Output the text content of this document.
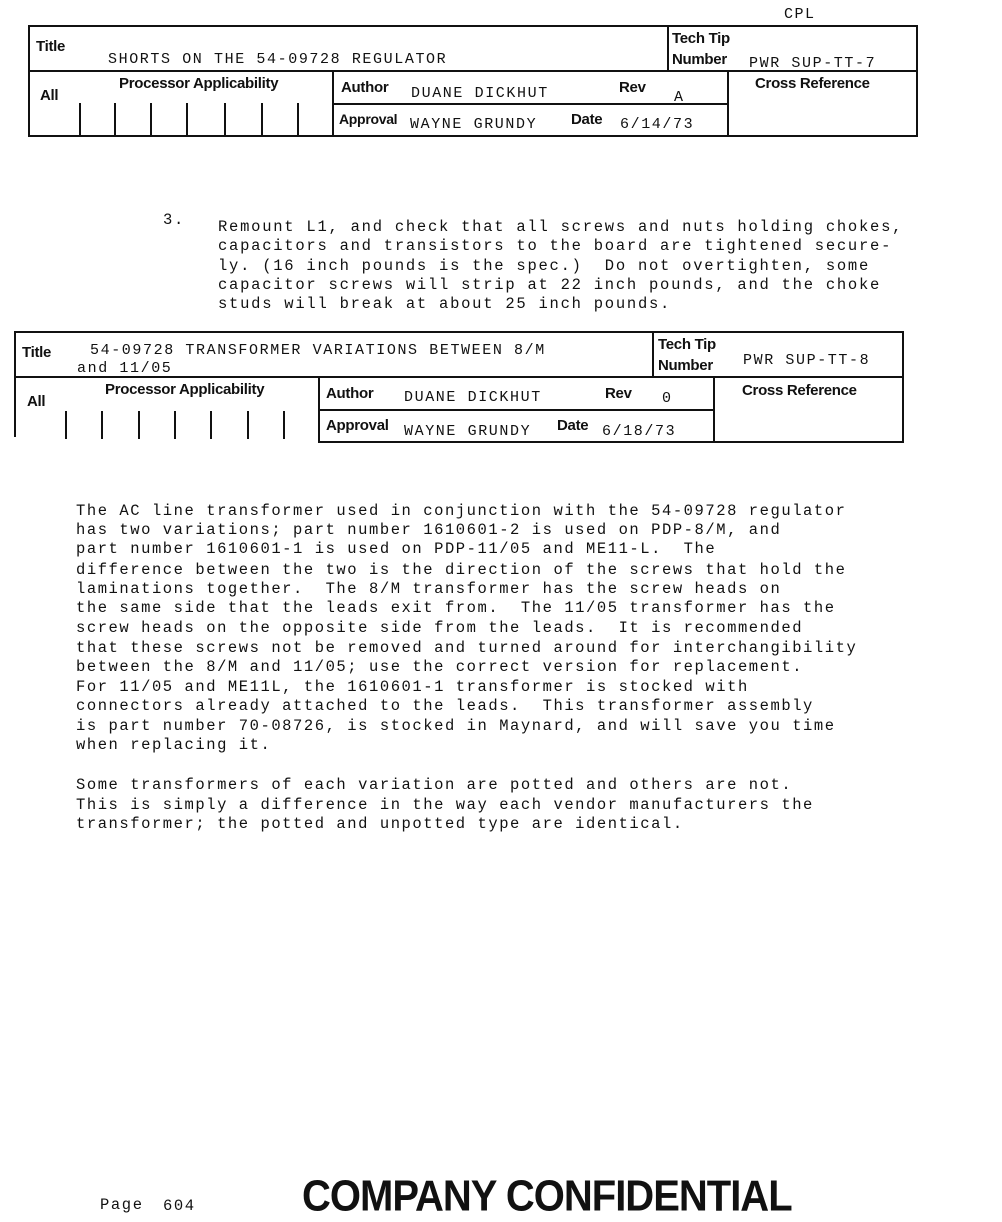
CPL
Title
SHORTS ON THE 54-09728 REGULATOR
Tech Tip
Number PWR SUP-TT-7
All
Processor Applicability	Author DUANE DICKHUT	Rev
A
Approval WAYNE GRUNDY Date 6/14/73
Cross Reference
3. Remount L1, and check that all screws and nuts holding chokes,
capacitors and transistors to the board are tightened secure-
ly. (16 inch pounds is the spec.)  Do not overtighten, some
capacitor screws will strip at 22 inch pounds, and the choke
studs will break at about 25 inch pounds.
Title	54-09728 TRANSFORMER VARIATIONS BETWEEN 8/M
and 11/05
Tech Tip
Number PWR SUP-TT-8
All
Processor Applicability	Author DUANE DICKHUT	Rev 0
Approval WAYNE GRUNDY Date 6/18/73
Cross Reference
The AC line transformer used in conjunction with the 54-09728 regulator
has two variations; part number 1610601-2 is used on PDP-8/M, and
part number 1610601-1 is used on PDP-11/05 and ME11-L.  The
difference between the two is the direction of the screws that hold the
laminations together.  The 8/M transformer has the screw heads on
the same side that the leads exit from.  The 11/05 transformer has the
screw heads on the opposite side from the leads.  It is recommended
that these screws not be removed and turned around for interchangibility
between the 8/M and 11/05; use the correct version for replacement.
For 11/05 and ME11L, the 1610601-1 transformer is stocked with
connectors already attached to the leads.  This transformer assembly
is part number 70-08726, is stocked in Maynard, and will save you time
when replacing it.
Some transformers of each variation are potted and others are not.
This is simply a difference in the way each vendor manufacturers the
transformer; the potted and unpotted type are identical.
Page 604	COMPANY CONFIDENTIAL
